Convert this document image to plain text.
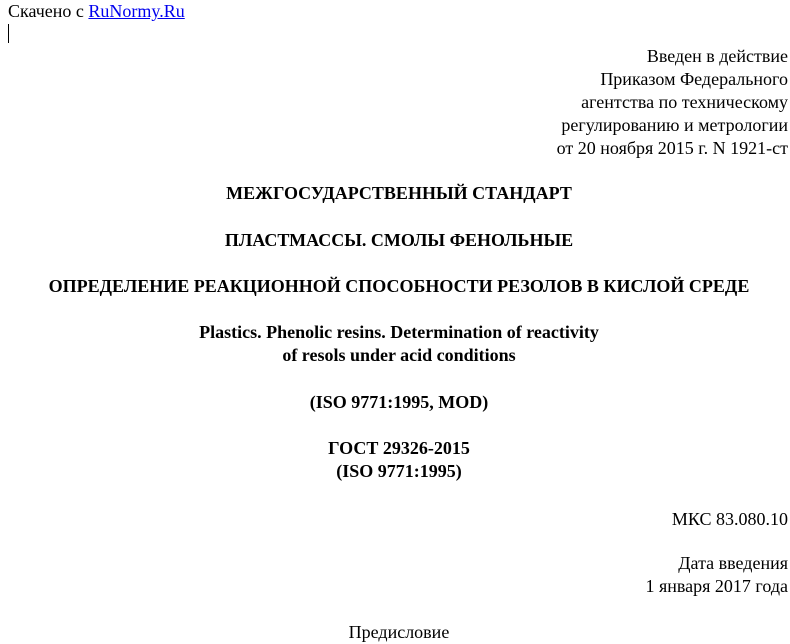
Скачено с RuNormy.Ru
Введен в действие
Приказом Федерального
агентства по техническому
регулированию и метрологии
от 20 ноября 2015 г. N 1921-ст
МЕЖГОСУДАРСТВЕННЫЙ СТАНДАРТ
ПЛАСТМАССЫ. СМОЛЫ ФЕНОЛЬНЫЕ
ОПРЕДЕЛЕНИЕ РЕАКЦИОННОЙ СПОСОБНОСТИ РЕЗОЛОВ В КИСЛОЙ СРЕДЕ
Plastics. Phenolic resins. Determination of reactivity
of resols under acid conditions
(ISO 9771:1995, MOD)
ГОСТ 29326-2015
(ISO 9771:1995)
МКС 83.080.10
Дата введения
1 января 2017 года
Предисловие
